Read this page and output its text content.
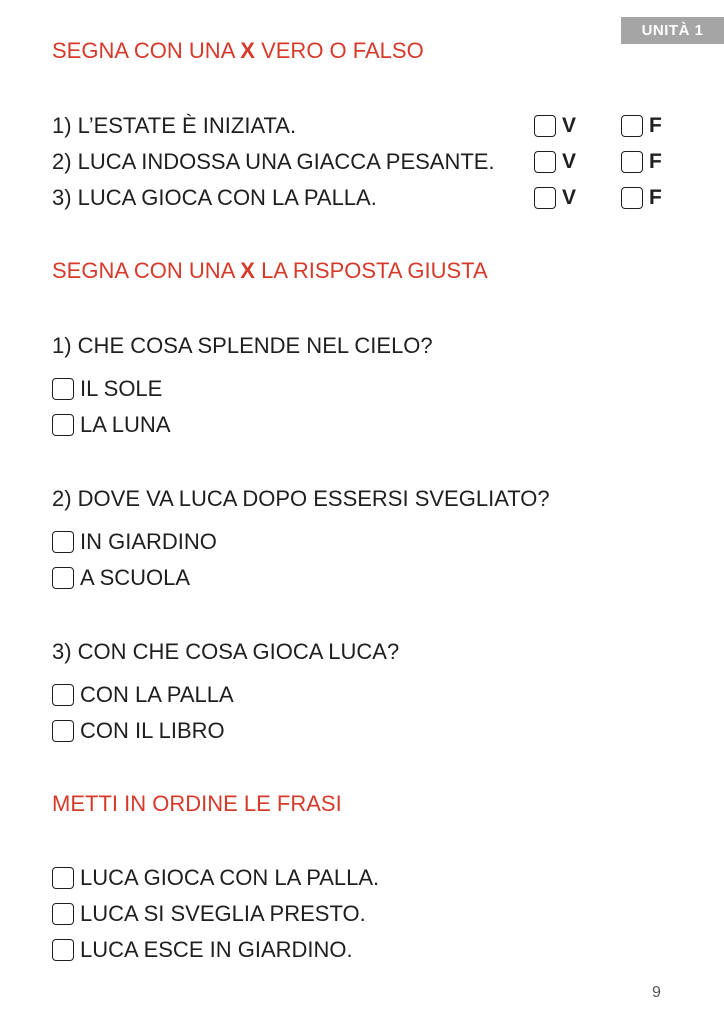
UNITÀ 1
SEGNA CON UNA X VERO O FALSO
1) L’ESTATE È INIZIATA.	V	F
2) LUCA INDOSSA UNA GIACCA PESANTE.	V	F
3) LUCA GIOCA CON LA PALLA.	V	F
SEGNA CON UNA X LA RISPOSTA GIUSTA
1) CHE COSA SPLENDE NEL CIELO?
IL SOLE
LA LUNA
2) DOVE VA LUCA DOPO ESSERSI SVEGLIATO?
IN GIARDINO
A SCUOLA
3) CON CHE COSA GIOCA LUCA?
CON LA PALLA
CON IL LIBRO
METTI IN ORDINE LE FRASI
LUCA GIOCA CON LA PALLA.
LUCA SI SVEGLIA PRESTO.
LUCA ESCE IN GIARDINO.
9
